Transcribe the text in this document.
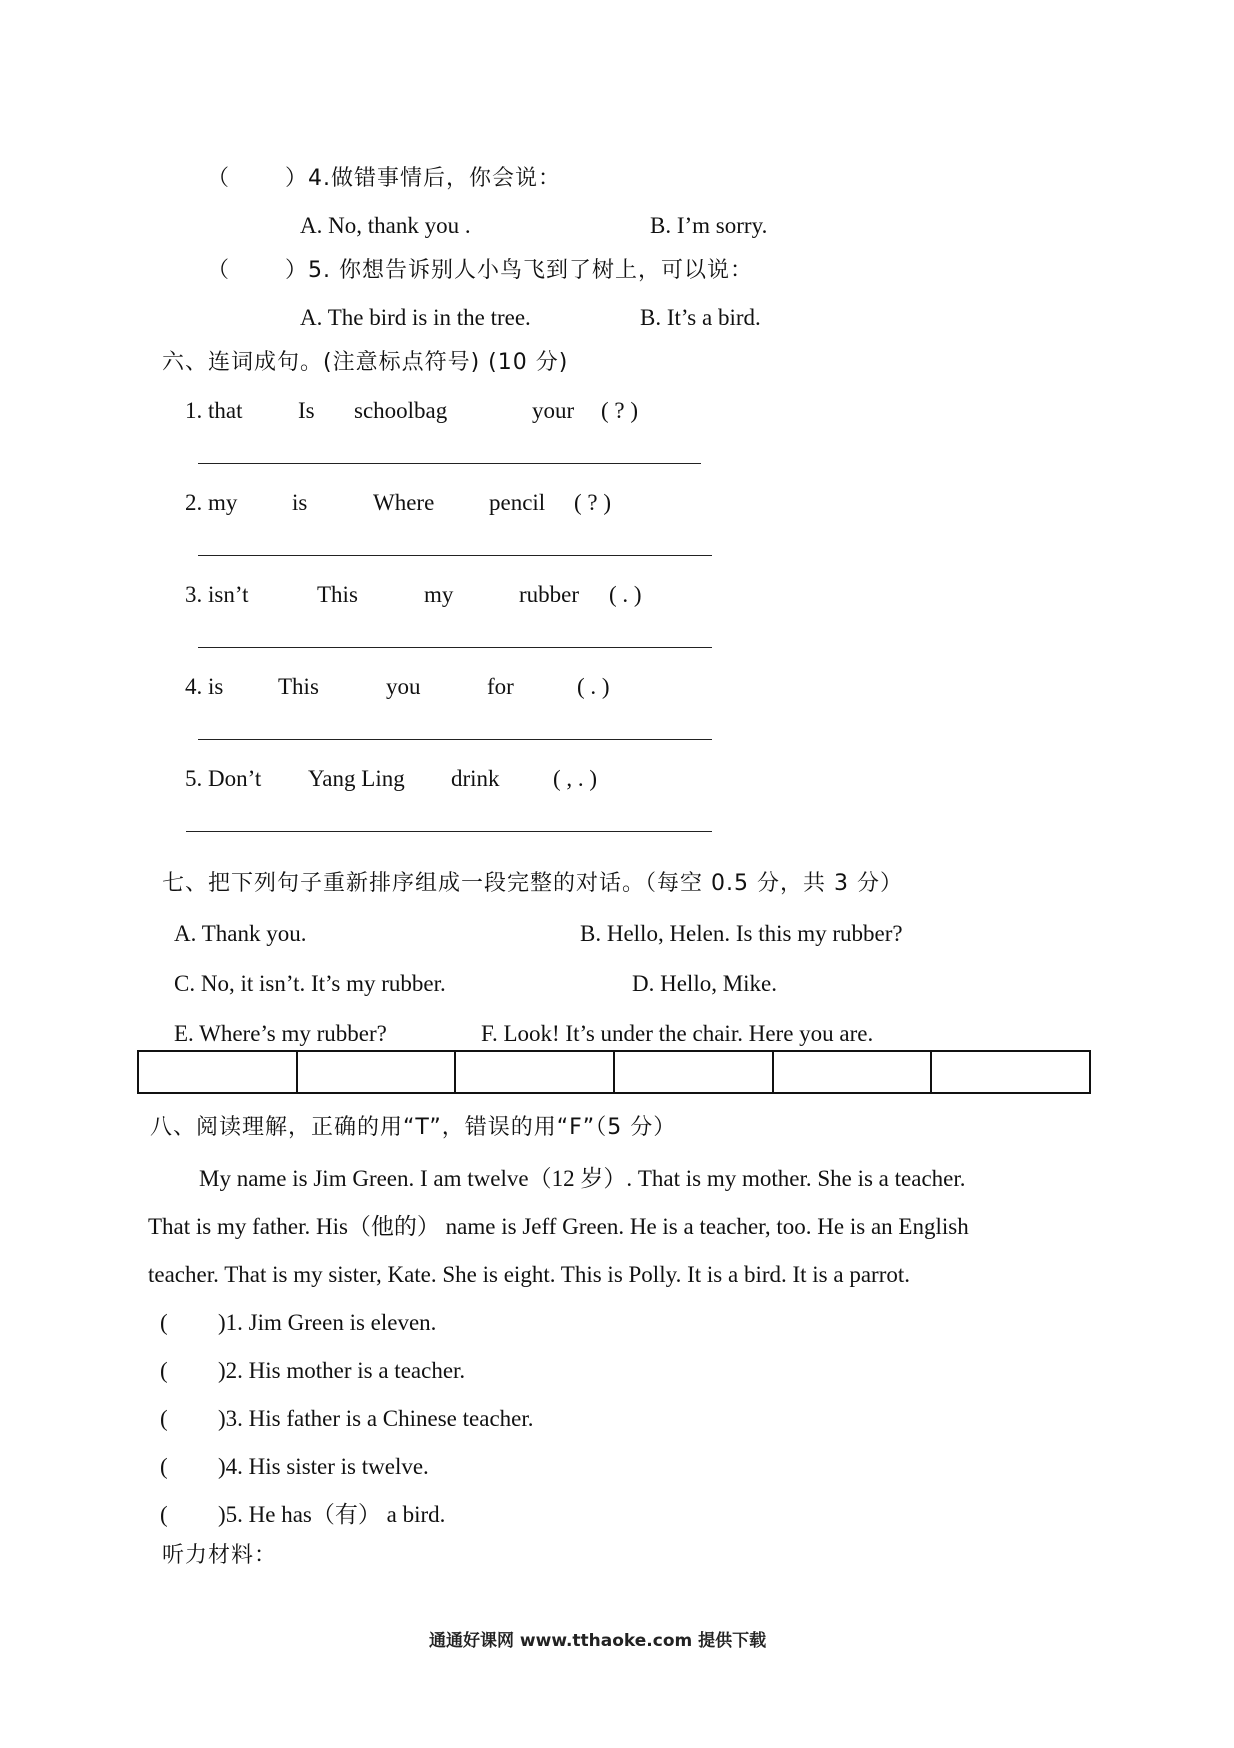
（ ） 4.做错事情后，你会说：
A. No, thank you .	B. I’m sorry.
（ ） 5. 你想告诉别人小鸟飞到了树上，可以说：
A. The bird is in the tree.	B. It’s a bird.
六、连词成句。(注意标点符号) (10 分)
1. that Is schoolbag	your ( ? )
2. my is	Where pencil ( ? )
3. isn’t	This	my	rubber ( . )
4. is This	you	for	( . )
5. Don’t Yang Ling drink ( , . )
七、把下列句子重新排序组成一段完整的对话。（每空 0.5 分，共 3 分）
A. Thank you.	B. Hello, Helen. Is this my rubber?
C. No, it isn’t. It’s my rubber.	D. Hello, Mike.
E. Where’s my rubber?	F. Look! It’s under the chair. Here you are.

八、阅读理解，正确的用“T”，错误的用“F”（5 分）
My name is Jim Green. I am twelve（12 岁）. That is my mother. She is a teacher.
That is my father. His（他的） name is Jeff Green. He is a teacher, too. He is an English
teacher. That is my sister, Kate. She is eight. This is Polly. It is a bird. It is a parrot.
( )1. Jim Green is eleven.
( )2. His mother is a teacher.
( )3. His father is a Chinese teacher.
( )4. His sister is twelve.
( )5. He has（有） a bird.
听力材料：
通通好课网 www.tthaoke.com 提供下载
